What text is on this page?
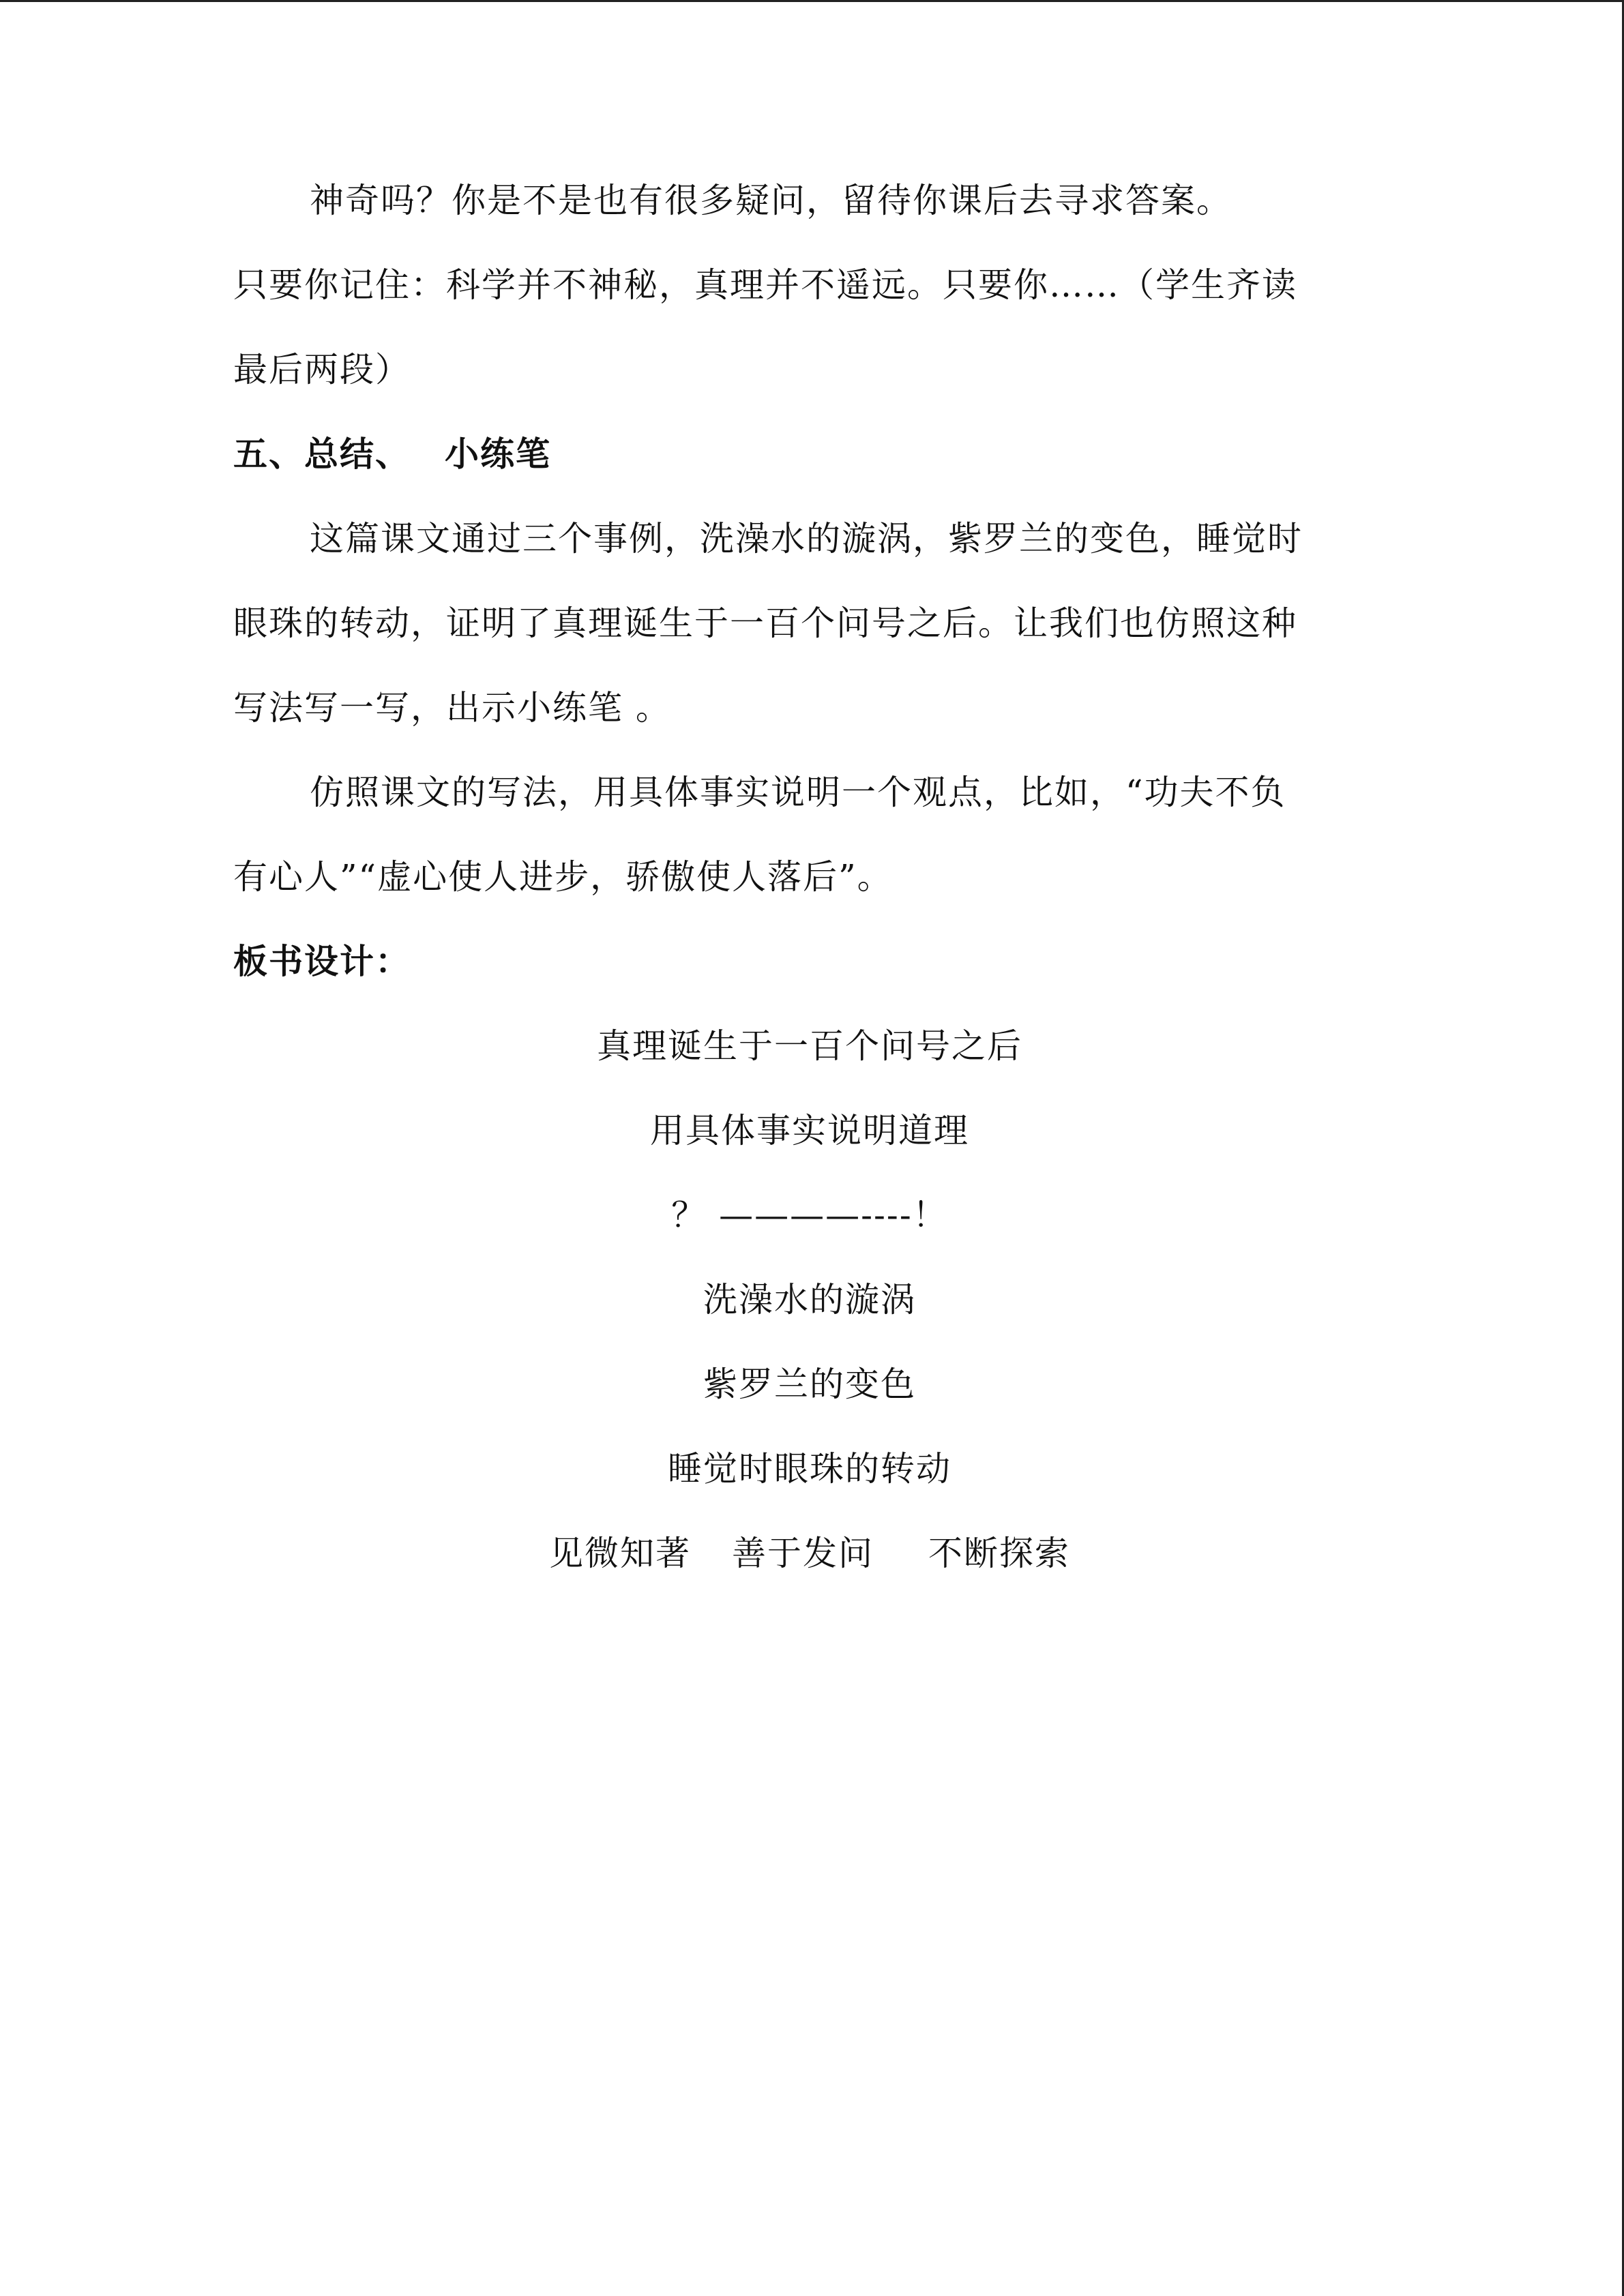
神奇吗？你是不是也有很多疑问，留待你课后去寻求答案。

只要你记住：科学并不神秘，真理并不遥远。只要你……（学生齐读

最后两段）

五、总结、 小练笔

这篇课文通过三个事例，洗澡水的漩涡，紫罗兰的变色，睡觉时

眼珠的转动，证明了真理诞生于一百个问号之后。让我们也仿照这种

写法写一写，出示小练笔 。

仿照课文的写法，用具体事实说明一个观点，比如，“功夫不负

有心人”“虚心使人进步，骄傲使人落后”。

板书设计：

真理诞生于一百个问号之后

用具体事实说明道理

？ ————----！

洗澡水的漩涡

紫罗兰的变色

睡觉时眼珠的转动

见微知著 善于发问 不断探索
